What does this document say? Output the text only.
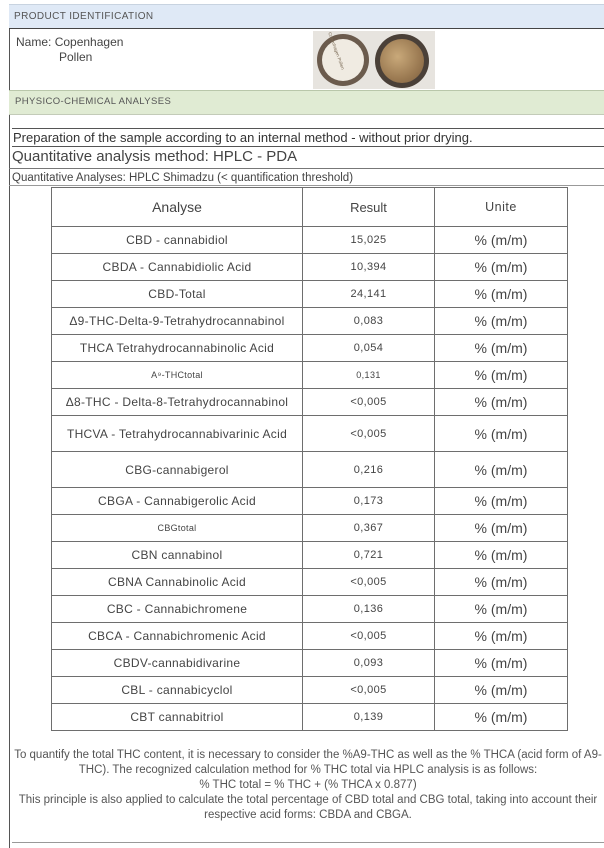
PRODUCT IDENTIFICATION
Name: Copenhagen
Pollen	Copenhagen Pollen
PHYSICO-CHEMICAL ANALYSES
Preparation of the sample according to an internal method - without prior drying.
Quantitative analysis method: HPLC - PDA
Quantitative Analyses: HPLC Shimadzu (< quantification threshold)
Analyse	Result	Unite
CBD - cannabidiol	15,025	% (m/m)
CBDA - Cannabidiolic Acid	10,394	% (m/m)
CBD-Total	24,141	% (m/m)
Δ9-THC-Delta-9-Tetrahydrocannabinol	0,083	% (m/m)
THCA Tetrahydrocannabinolic Acid	0,054	% (m/m)
A⁹-THCtotal	0,131	% (m/m)
Δ8-THC - Delta-8-Tetrahydrocannabinol	<0,005	% (m/m)
THCVA - Tetrahydrocannabivarinic Acid	<0,005	% (m/m)
CBG-cannabigerol	0,216	% (m/m)
CBGA - Cannabigerolic Acid	0,173	% (m/m)
CBGtotal	0,367	% (m/m)
CBN cannabinol	0,721	% (m/m)
CBNA Cannabinolic Acid	<0,005	% (m/m)
CBC - Cannabichromene	0,136	% (m/m)
CBCA - Cannabichromenic Acid	<0,005	% (m/m)
CBDV-cannabidivarine	0,093	% (m/m)
CBL - cannabicyclol	<0,005	% (m/m)
CBT cannabitriol	0,139	% (m/m)
To quantify the total THC content, it is necessary to consider the %A9-THC as well as the % THCA (acid form of A9-THC). The recognized calculation method for % THC total via HPLC analysis is as follows:
% THC total = % THC + (% THCA x 0.877)
This principle is also applied to calculate the total percentage of CBD total and CBG total, taking into account their respective acid forms: CBDA and CBGA.
